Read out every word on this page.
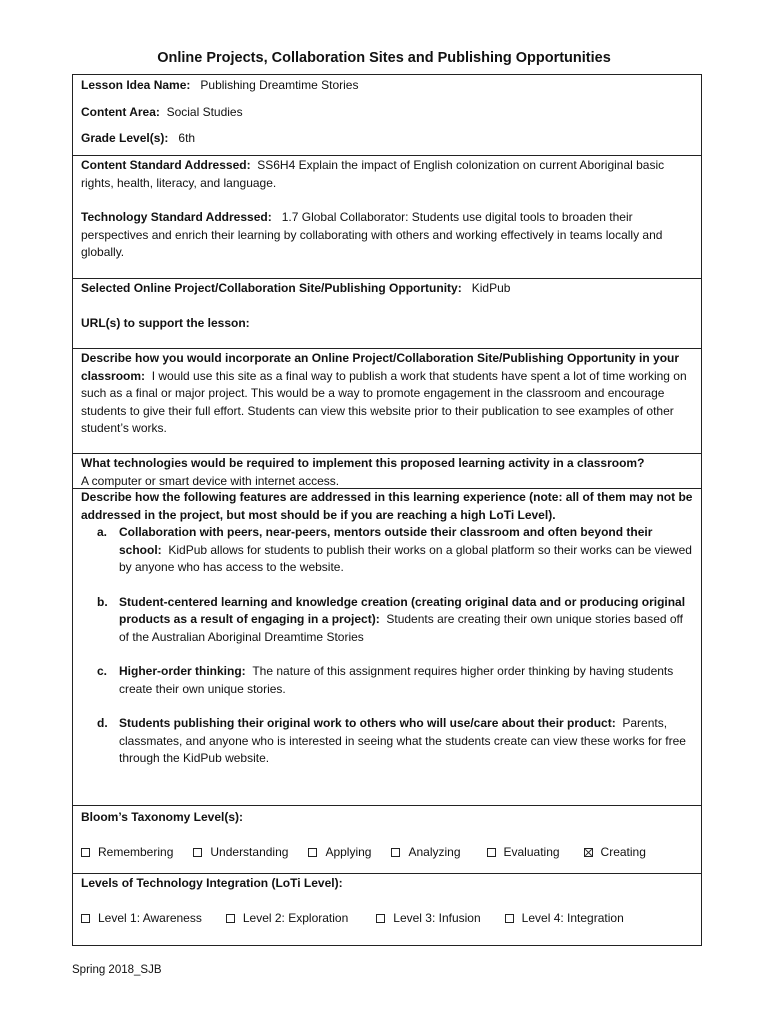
Online Projects, Collaboration Sites and Publishing Opportunities

Lesson Idea Name: Publishing Dreamtime Stories

Content Area: Social Studies

Grade Level(s): 6th

Content Standard Addressed: SS6H4 Explain the impact of English colonization on current Aboriginal basic rights, health, literacy, and language.

Technology Standard Addressed: 1.7 Global Collaborator: Students use digital tools to broaden their perspectives and enrich their learning by collaborating with others and working effectively in teams locally and globally.

Selected Online Project/Collaboration Site/Publishing Opportunity: KidPub

URL(s) to support the lesson:

Describe how you would incorporate an Online Project/Collaboration Site/Publishing Opportunity in your classroom: I would use this site as a final way to publish a work that students have spent a lot of time working on such as a final or major project. This would be a way to promote engagement in the classroom and encourage students to give their full effort. Students can view this website prior to their publication to see examples of other student’s works.

What technologies would be required to implement this proposed learning activity in a classroom?

A computer or smart device with internet access.

Describe how the following features are addressed in this learning experience (note: all of them may not be addressed in the project, but most should be if you are reaching a high LoTi Level).

a. Collaboration with peers, near-peers, mentors outside their classroom and often beyond their school: KidPub allows for students to publish their works on a global platform so their works can be viewed by anyone who has access to the website.
b. Student-centered learning and knowledge creation (creating original data and or producing original products as a result of engaging in a project): Students are creating their own unique stories based off of the Australian Aboriginal Dreamtime Stories
c. Higher-order thinking: The nature of this assignment requires higher order thinking by having students create their own unique stories.
d. Students publishing their original work to others who will use/care about their product: Parents, classmates, and anyone who is interested in seeing what the students create can view these works for free through the KidPub website.

Bloom’s Taxonomy Level(s):

Remembering	Understanding	Applying	Analyzing	Evaluating	Creating

Levels of Technology Integration (LoTi Level):

Level 1: Awareness	Level 2: Exploration	Level 3: Infusion	Level 4: Integration
Spring 2018_SJB
